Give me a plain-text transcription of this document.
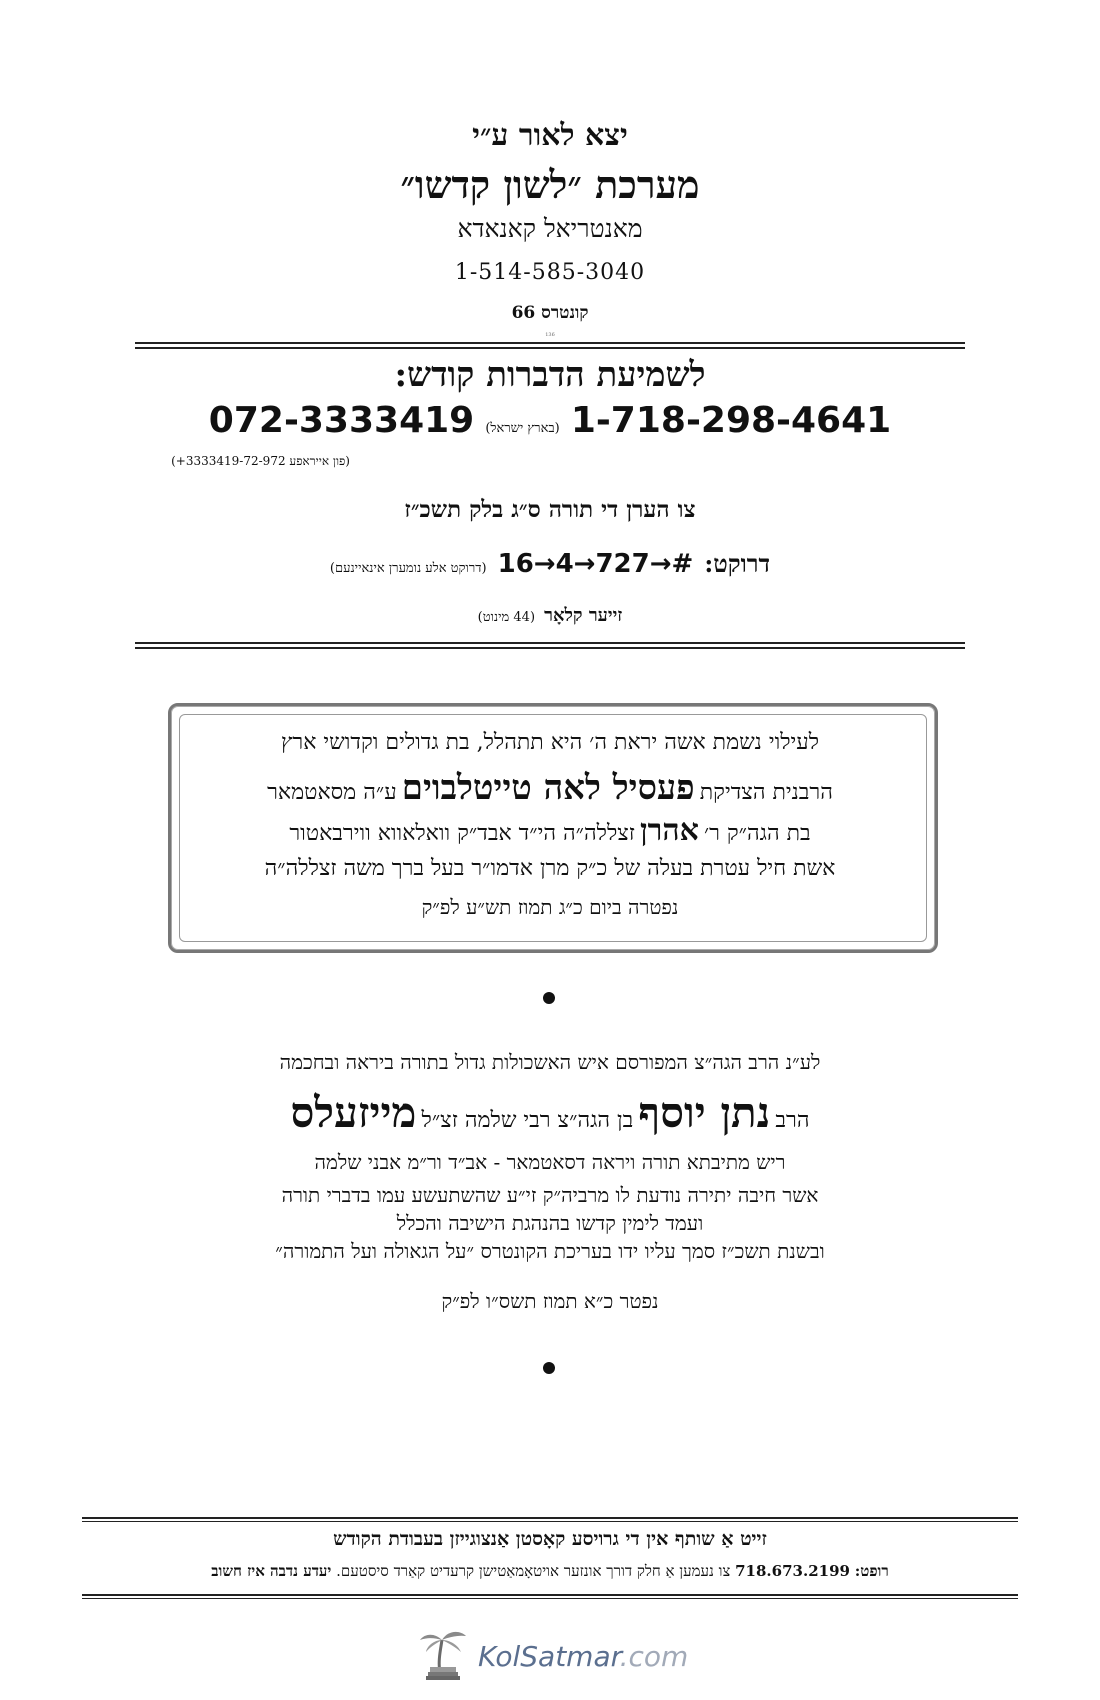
יצא לאור ע״י
מערכת ״לשון קדשו״
מאנטריאל קאנאדא
1-514-585-3040
קונטרס 66
136
לשמיעת הדברות קודש:
1-718-298-4641 (בארץ ישראל) 072-3333419
(פון אייראפע 3333419-72-972+)
צו הערן די תורה ס״ג בלק תשכ״ז
דרוקט: 16→4→727→# (דרוקט אלע נומערן אינאיינעם)
זייער קלאָר (44 מינוט)
לעילוי נשמת אשה יראת ה׳ היא תתהלל, בת גדולים וקדושי ארץ
הרבנית הצדיקת פעסיל לאה טייטלבוים ע״ה מסאטמאר
בת הגה״ק ר׳ אהרן זצללה״ה הי״ד אבד״ק וואלאווא ווירבאטור
אשת חיל עטרת בעלה של כ״ק מרן אדמו״ר בעל ברך משה זצללה״ה
נפטרה ביום כ״ג תמוז תש״ע לפ״ק
לע״נ הרב הגה״צ המפורסם איש האשכולות גדול בתורה ביראה ובחכמה
הרב נתן יוסף בן הגה״צ רבי שלמה זצ״ל מייזעלס
ריש מתיבתא תורה ויראה דסאטמאר - אב״ד ור״מ אבני שלמה
אשר חיבה יתירה נודעת לו מרביה״ק זי״ע שהשתעשע עמו בדברי תורה
ועמד לימין קדשו בהנהגת הישיבה והכלל
ובשנת תשכ״ז סמך עליו ידו בעריכת הקונטרס ״על הגאולה ועל התמורה״
נפטר כ״א תמוז תשס״ו לפ״ק
זייט אַ שותף אין די גרויסע קאָסטן אַנצוגייזן בעבודת הקודש
רופט: 718.673.2199 צו נעמען אַ חלק דורך אונזער אויטאָמאַטישן קרעדיט קאַרד סיסטעם. יעדע נדבה איז חשוב
KolSatmar.com
